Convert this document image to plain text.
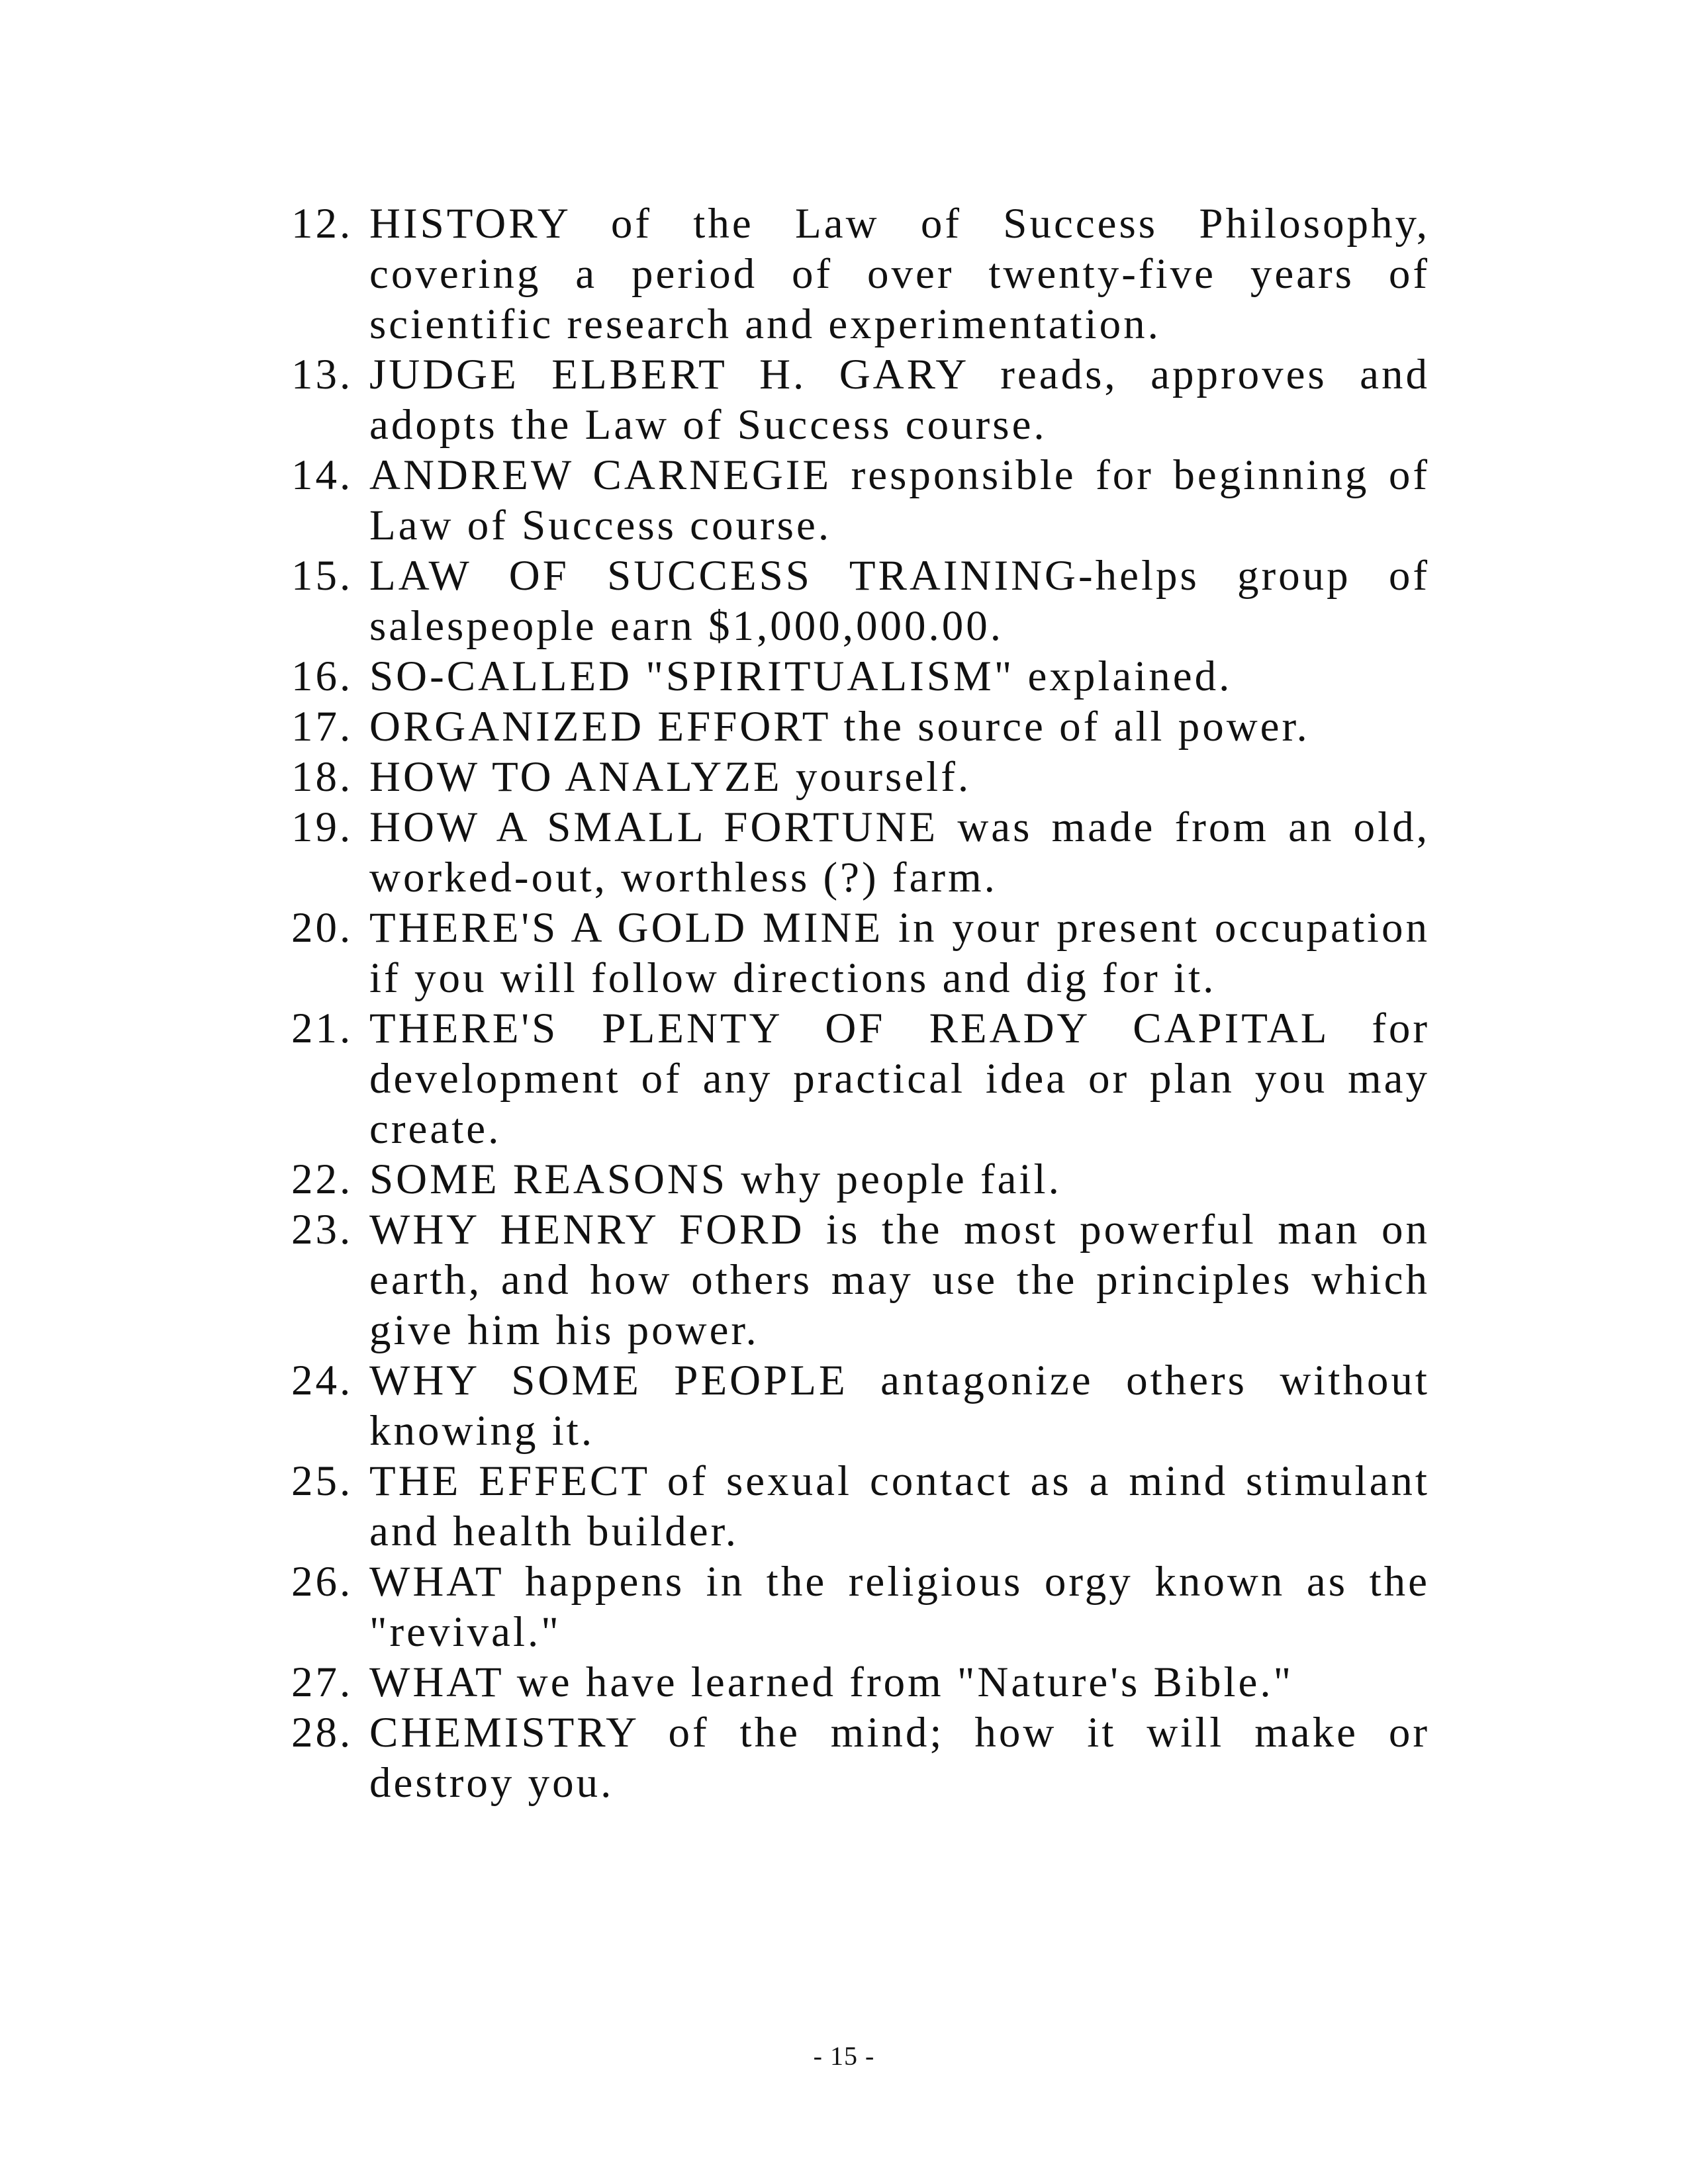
12. HISTORY of the Law of Success Philosophy, covering a period of over twenty-five years of scientific research and experimentation.
13. JUDGE ELBERT H. GARY reads, approves and adopts the Law of Success course.
14. ANDREW CARNEGIE responsible for beginning of Law of Success course.
15. LAW OF SUCCESS TRAINING-helps group of salespeople earn $1,000,000.00.
16. SO-CALLED "SPIRITUALISM" explained.
17. ORGANIZED EFFORT the source of all power.
18. HOW TO ANALYZE yourself.
19. HOW A SMALL FORTUNE was made from an old, worked-out, worthless (?) farm.
20. THERE'S A GOLD MINE in your present occupation if you will follow directions and dig for it.
21. THERE'S PLENTY OF READY CAPITAL for development of any practical idea or plan you may create.
22. SOME REASONS why people fail.
23. WHY HENRY FORD is the most powerful man on earth, and how others may use the principles which give him his power.
24. WHY SOME PEOPLE antagonize others without knowing it.
25. THE EFFECT of sexual contact as a mind stimulant and health builder.
26. WHAT happens in the religious orgy known as the "revival."
27. WHAT we have learned from "Nature's Bible."
28. CHEMISTRY of the mind; how it will make or destroy you.
- 15 -
